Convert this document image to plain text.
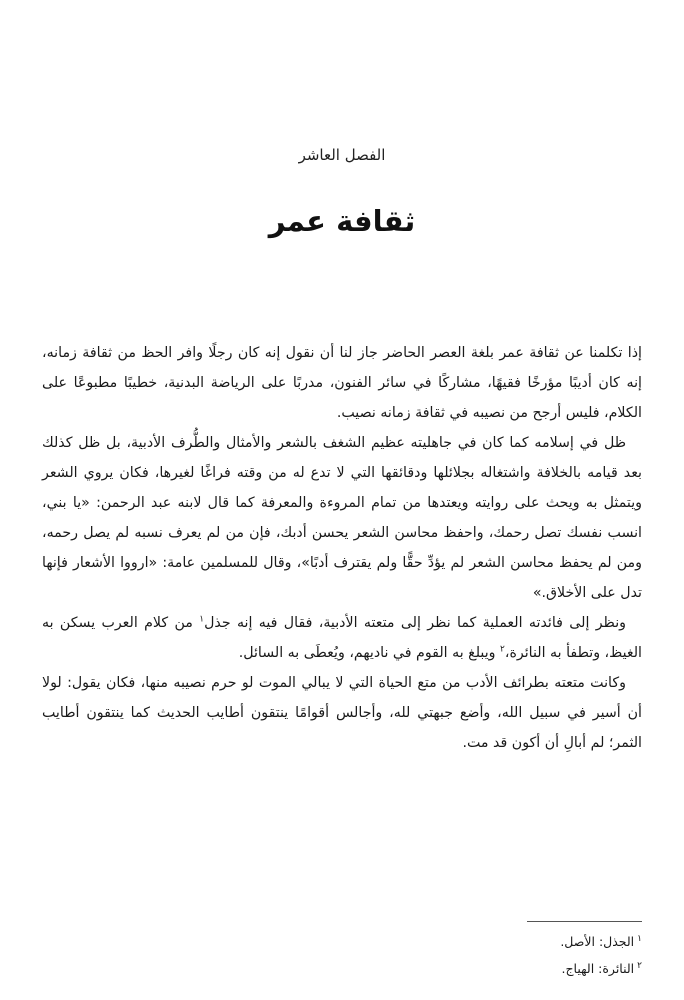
الفصل العاشر
ثقافة عمر

إذا تكلمنا عن ثقافة عمر بلغة العصر الحاضر جاز لنا أن نقول إنه كان رجلًا وافر الحظ من ثقافة زمانه، إنه كان أديبًا مؤرخًا فقيهًا، مشاركًا في سائر الفنون، مدربًا على الرياضة البدنية، خطيبًا مطبوعًا على الكلام، فليس أرجح من نصيبه في ثقافة زمانه نصيب.

ظل في إسلامه كما كان في جاهليته عظيم الشغف بالشعر والأمثال والطُّرف الأدبية، بل ظل كذلك بعد قيامه بالخلافة واشتغاله بجلائلها ودقائقها التي لا تدع له من وقته فراغًا لغيرها، فكان يروي الشعر ويتمثل به ويحث على روايته ويعتدها من تمام المروءة والمعرفة كما قال لابنه عبد الرحمن: «يا بني، انسب نفسك تصل رحمك، واحفظ محاسن الشعر يحسن أدبك، فإن من لم يعرف نسبه لم يصل رحمه، ومن لم يحفظ محاسن الشعر لم يؤدِّ حقًّا ولم يقترف أدبًا»، وقال للمسلمين عامة: «ارووا الأشعار فإنها تدل على الأخلاق.»

ونظر إلى فائدته العملية كما نظر إلى متعته الأدبية، فقال فيه إنه جذل$^١$ من كلام العرب يسكن به الغيظ، وتطفأ به النائرة،$^٢$ ويبلغ به القوم في ناديهم، ويُعطَى به السائل.

وكانت متعته بطرائف الأدب من متع الحياة التي لا يبالي الموت لو حرم نصيبه منها، فكان يقول: لولا أن أسير في سبيل الله، وأضع جبهتي لله، وأجالس أقوامًا ينتقون أطايب الحديث كما ينتقون أطايب الثمر؛ لم أبالِ أن أكون قد مت.

$^١$الجذل: الأصل.
$^٢$النائرة: الهياج.
